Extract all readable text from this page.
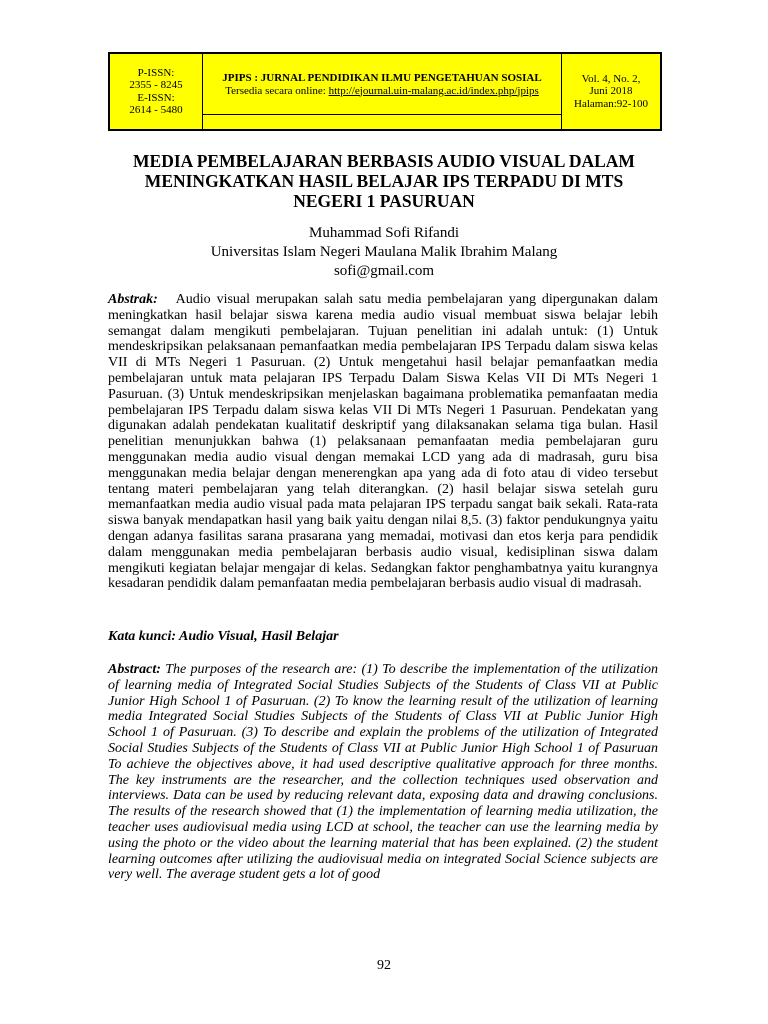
P-ISSN:
2355 - 8245
E-ISSN:
2614 - 5480
JPIPS : JURNAL PENDIDIKAN ILMU PENGETAHUAN SOSIAL
Tersedia secara online: http://ejournal.uin-malang.ac.id/index.php/jpips
Vol. 4, No. 2,
Juni 2018
Halaman:92-100
MEDIA PEMBELAJARAN BERBASIS AUDIO VISUAL DALAM
MENINGKATKAN HASIL BELAJAR IPS TERPADU DI MTS
NEGERI 1 PASURUAN
Muhammad Sofi Rifandi
Universitas Islam Negeri Maulana Malik Ibrahim Malang
sofi@gmail.com
Abstrak: Audio visual merupakan salah satu media pembelajaran yang dipergunakan dalam meningkatkan hasil belajar siswa karena media audio visual membuat siswa belajar lebih semangat dalam mengikuti pembelajaran. Tujuan penelitian ini adalah untuk: (1) Untuk mendeskripsikan pelaksanaan pemanfaatkan media pembelajaran IPS Terpadu dalam siswa kelas VII di MTs Negeri 1 Pasuruan. (2) Untuk mengetahui hasil belajar pemanfaatkan media pembelajaran untuk mata pelajaran IPS Terpadu Dalam Siswa Kelas VII Di MTs Negeri 1 Pasuruan. (3) Untuk mendeskripsikan menjelaskan bagaimana problematika pemanfaatan media pembelajaran IPS Terpadu dalam siswa kelas VII Di MTs Negeri 1 Pasuruan. Pendekatan yang digunakan adalah pendekatan kualitatif deskriptif yang dilaksanakan selama tiga bulan. Hasil penelitian menunjukkan bahwa (1) pelaksanaan pemanfaatan media pembelajaran guru menggunakan media audio visual dengan memakai LCD yang ada di madrasah, guru bisa menggunakan media belajar dengan menerengkan apa yang ada di foto atau di video tersebut tentang materi pembelajaran yang telah diterangkan. (2) hasil belajar siswa setelah guru memanfaatkan media audio visual pada mata pelajaran IPS terpadu sangat baik sekali. Rata-rata siswa banyak mendapatkan hasil yang baik yaitu dengan nilai 8,5. (3) faktor pendukungnya yaitu dengan adanya fasilitas sarana prasarana yang memadai, motivasi dan etos kerja para pendidik dalam menggunakan media pembelajaran berbasis audio visual, kedisiplinan siswa dalam mengikuti kegiatan belajar mengajar di kelas. Sedangkan faktor penghambatnya yaitu kurangnya kesadaran pendidik dalam pemanfaatan media pembelajaran berbasis audio visual di madrasah.
Kata kunci: Audio Visual, Hasil Belajar
Abstract: The purposes of the research are: (1) To describe the implementation of the utilization of learning media of Integrated Social Studies Subjects of the Students of Class VII at Public Junior High School 1 of Pasuruan. (2) To know the learning result of the utilization of learning media Integrated Social Studies Subjects of the Students of Class VII at Public Junior High School 1 of Pasuruan. (3) To describe and explain the problems of the utilization of Integrated Social Studies Subjects of the Students of Class VII at Public Junior High School 1 of Pasuruan To achieve the objectives above, it had used descriptive qualitative approach for three months. The key instruments are the researcher, and the collection techniques used observation and interviews. Data can be used by reducing relevant data, exposing data and drawing conclusions. The results of the research showed that (1) the implementation of learning media utilization, the teacher uses audiovisual media using LCD at school, the teacher can use the learning media by using the photo or the video about the learning material that has been explained. (2) the student learning outcomes after utilizing the audiovisual media on integrated Social Science subjects are very well. The average student gets a lot of good
92
